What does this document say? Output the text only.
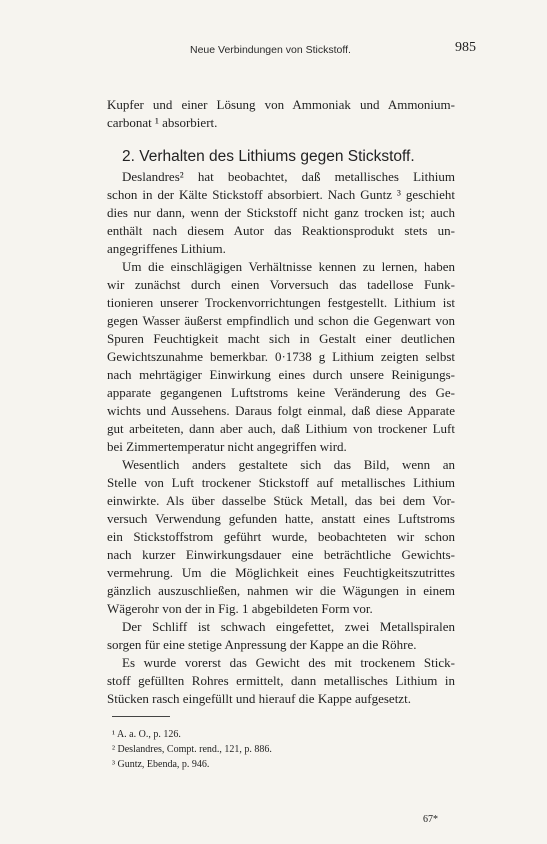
Neue Verbindungen von Stickstoff.	985
Kupfer und einer Lösung von Ammoniak und Ammonium-
carbonat ¹ absorbiert.
2. Verhalten des Lithiums gegen Stickstoff.
Deslandres² hat beobachtet, daß metallisches Lithium
schon in der Kälte Stickstoff absorbiert. Nach Guntz ³ geschieht
dies nur dann, wenn der Stickstoff nicht ganz trocken ist; auch
enthält nach diesem Autor das Reaktionsprodukt stets un-
angegriffenes Lithium.
Um die einschlägigen Verhältnisse kennen zu lernen, haben
wir zunächst durch einen Vorversuch das tadellose Funk-
tionieren unserer Trockenvorrichtungen festgestellt. Lithium ist
gegen Wasser äußerst empfindlich und schon die Gegenwart von
Spuren Feuchtigkeit macht sich in Gestalt einer deutlichen
Gewichtszunahme bemerkbar. 0·1738 g Lithium zeigten selbst
nach mehrtägiger Einwirkung eines durch unsere Reinigungs-
apparate gegangenen Luftstroms keine Veränderung des Ge-
wichts und Aussehens. Daraus folgt einmal, daß diese Apparate
gut arbeiteten, dann aber auch, daß Lithium von trockener Luft
bei Zimmertemperatur nicht angegriffen wird.
Wesentlich anders gestaltete sich das Bild, wenn an
Stelle von Luft trockener Stickstoff auf metallisches Lithium
einwirkte. Als über dasselbe Stück Metall, das bei dem Vor-
versuch Verwendung gefunden hatte, anstatt eines Luftstroms
ein Stickstoffstrom geführt wurde, beobachteten wir schon
nach kurzer Einwirkungsdauer eine beträchtliche Gewichts-
vermehrung. Um die Möglichkeit eines Feuchtigkeitszutrittes
gänzlich auszuschließen, nahmen wir die Wägungen in einem
Wägerohr von der in Fig. 1 abgebildeten Form vor.
Der Schliff ist schwach eingefettet, zwei Metallspiralen
sorgen für eine stetige Anpressung der Kappe an die Röhre.
Es wurde vorerst das Gewicht des mit trockenem Stick-
stoff gefüllten Rohres ermittelt, dann metallisches Lithium in
Stücken rasch eingefüllt und hierauf die Kappe aufgesetzt.
¹ A. a. O., p. 126.
² Deslandres, Compt. rend., 121, p. 886.
³ Guntz, Ebenda, p. 946.
67*
